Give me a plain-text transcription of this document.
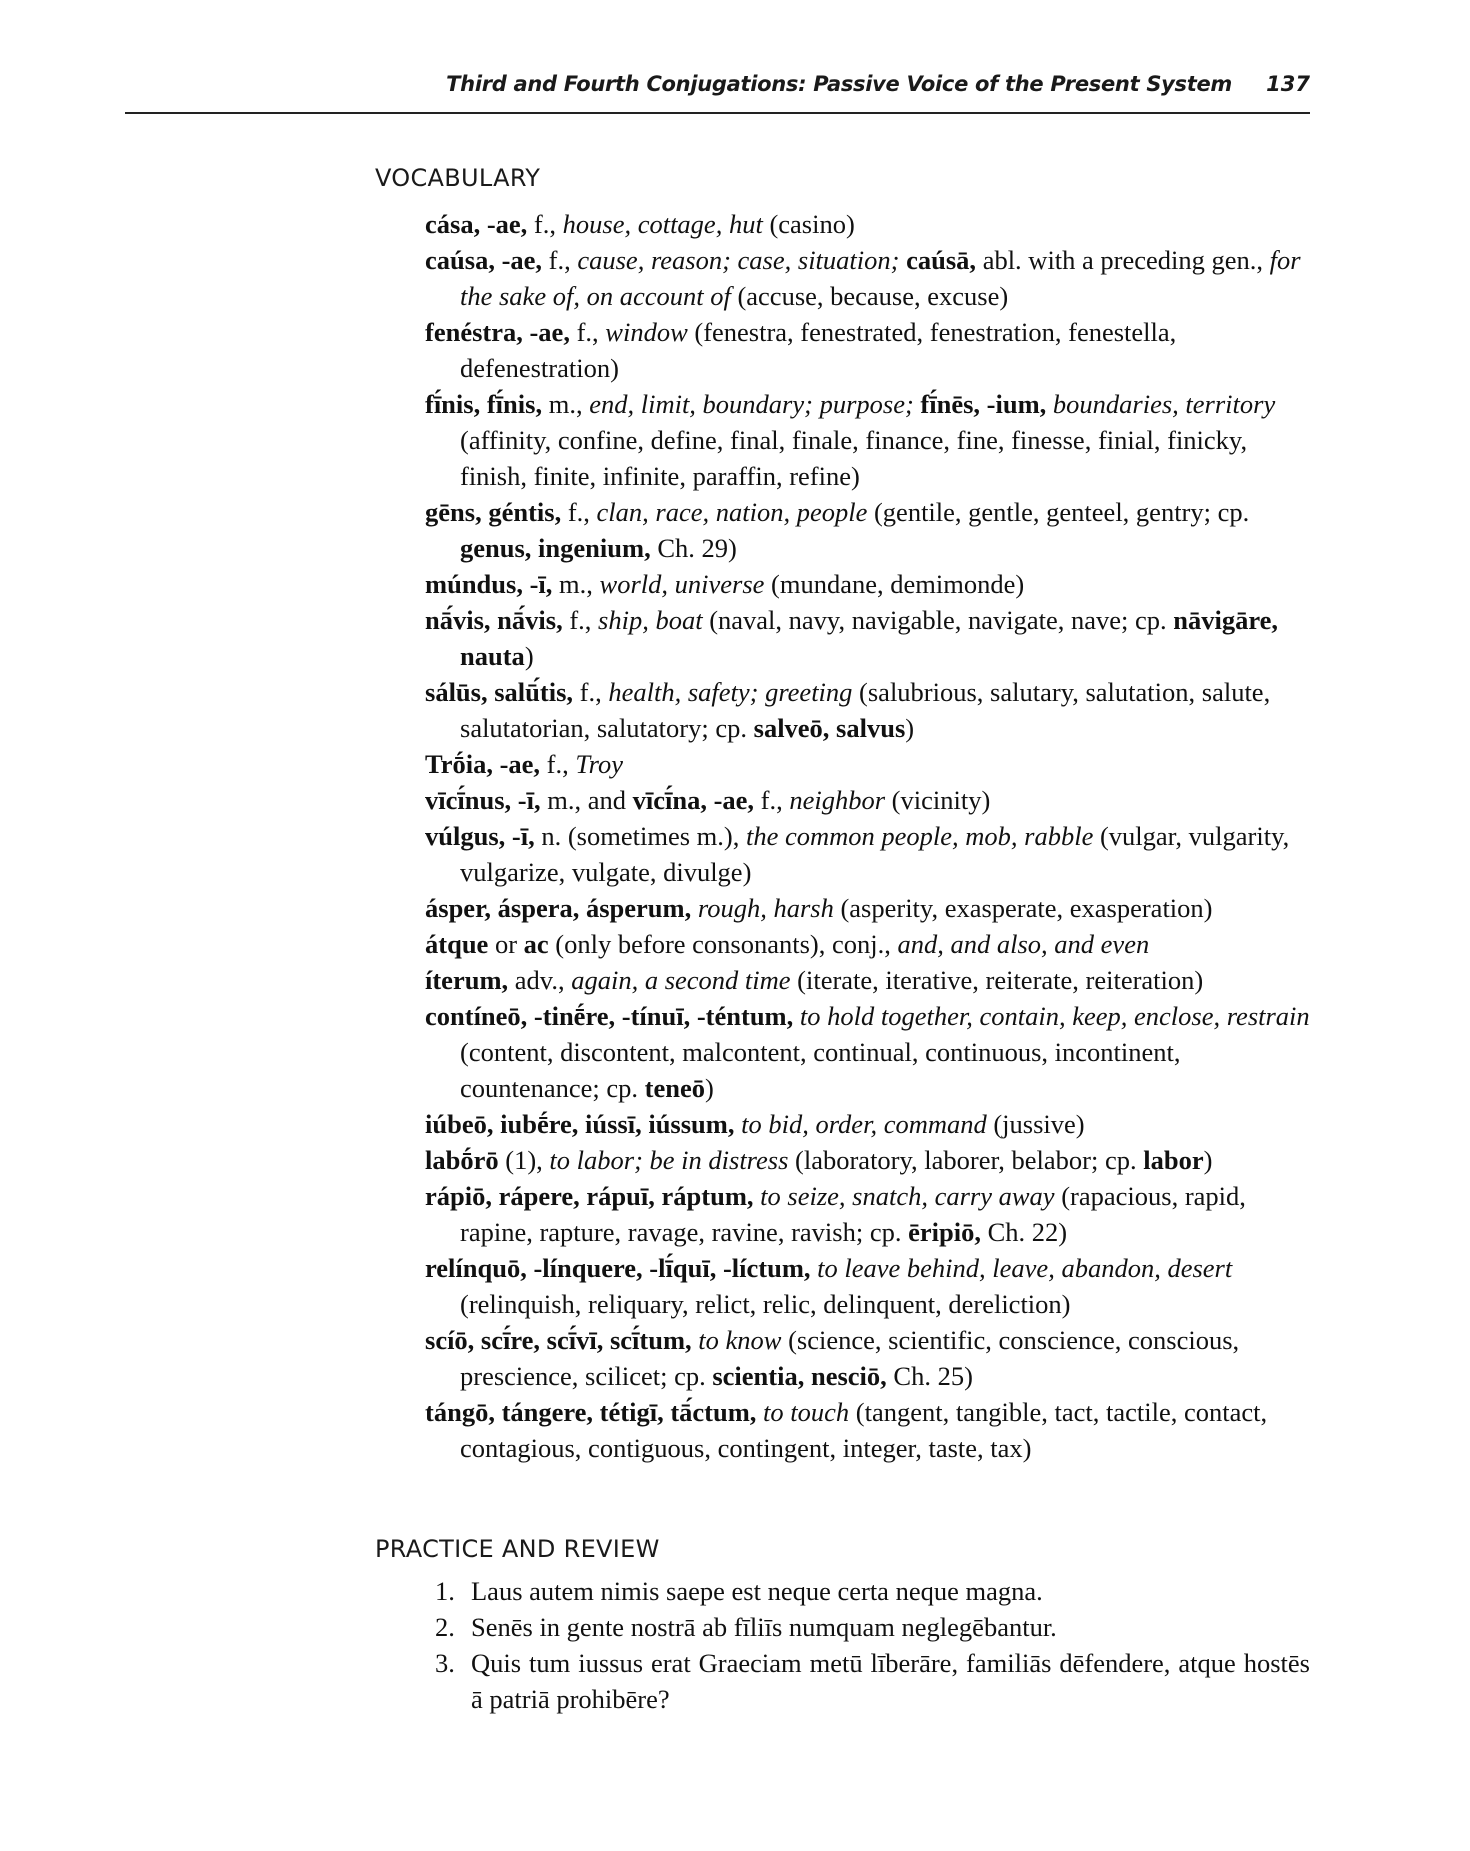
Third and Fourth Conjugations: Passive Voice of the Present System 137
VOCABULARY

cása, -ae, f., house, cottage, hut (casino)

caúsa, -ae, f., cause, reason; case, situation; caúsā, abl. with a preceding gen., for the sake of, on account of (accuse, because, excuse)

fenéstra, -ae, f., window (fenestra, fenestrated, fenestration, fenestella, defenestration)

fī́nis, fī́nis, m., end, limit, boundary; purpose; fī́nēs, -ium, boundaries, territory (affinity, confine, define, final, finale, finance, fine, finesse, finial, finicky, finish, finite, infinite, paraffin, refine)

gēns, géntis, f., clan, race, nation, people (gentile, gentle, genteel, gentry; cp. genus, ingenium, Ch. 29)

múndus, -ī, m., world, universe (mundane, demimonde)

nā́vis, nā́vis, f., ship, boat (naval, navy, navigable, navigate, nave; cp. nāvigāre, nauta)

sálūs, salū́tis, f., health, safety; greeting (salubrious, salutary, salutation, salute, salutatorian, salutatory; cp. salveō, salvus)

Trṓia, -ae, f., Troy

vīcī́nus, -ī, m., and vīcī́na, -ae, f., neighbor (vicinity)

vúlgus, -ī, n. (sometimes m.), the common people, mob, rabble (vulgar, vulgarity, vulgarize, vulgate, divulge)

ásper, áspera, ásperum, rough, harsh (asperity, exasperate, exasperation)

átque or ac (only before consonants), conj., and, and also, and even

íterum, adv., again, a second time (iterate, iterative, reiterate, reiteration)

contíneō, -tinḗre, -tínuī, -téntum, to hold together, contain, keep, enclose, restrain (content, discontent, malcontent, continual, continuous, incontinent, countenance; cp. teneō)

iúbeō, iubḗre, iússī, iússum, to bid, order, command (jussive)

labṓrō (1), to labor; be in distress (laboratory, laborer, belabor; cp. labor)

rápiō, rápere, rápuī, ráptum, to seize, snatch, carry away (rapacious, rapid, rapine, rapture, ravage, ravine, ravish; cp. ēripiō, Ch. 22)

relínquō, -línquere, -lī́quī, -líctum, to leave behind, leave, abandon, desert (relinquish, reliquary, relict, relic, delinquent, dereliction)

scíō, scī́re, scī́vī, scī́tum, to know (science, scientific, conscience, conscious, prescience, scilicet; cp. scientia, nesciō, Ch. 25)

tángō, tángere, tétigī, tā́ctum, to touch (tangent, tangible, tact, tactile, contact, contagious, contiguous, contingent, integer, taste, tax)

PRACTICE AND REVIEW
1. Laus autem nimis saepe est neque certa neque magna.
2. Senēs in gente nostrā ab fīliīs numquam neglegēbantur.
3. Quis tum iussus erat Graeciam metū līberāre, familiās dēfendere, atque hostēs ā patriā prohibēre?
